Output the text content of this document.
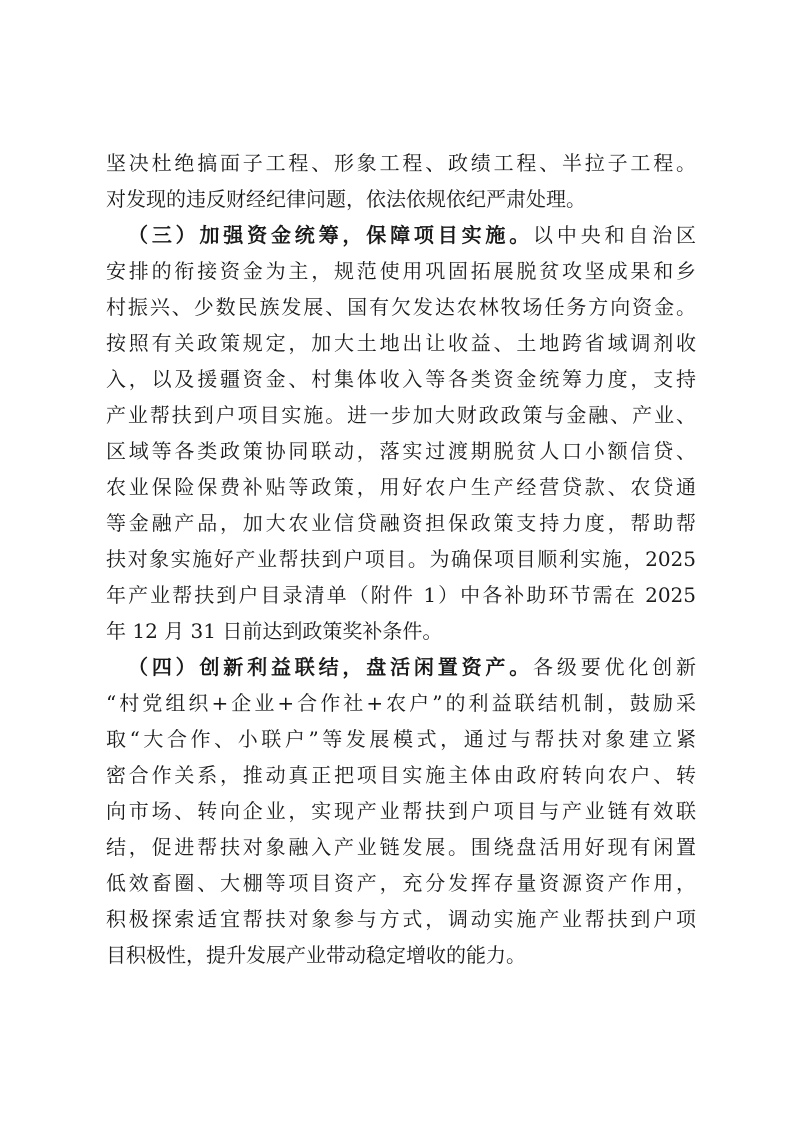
坚决杜绝搞面子工程、形象工程、政绩工程、半拉子工程。
对发现的违反财经纪律问题，依法依规依纪严肃处理。
（三）加强资金统筹，保障项目实施。以中央和自治区
安排的衔接资金为主，规范使用巩固拓展脱贫攻坚成果和乡
村振兴、少数民族发展、国有欠发达农林牧场任务方向资金。
按照有关政策规定，加大土地出让收益、土地跨省域调剂收
入，以及援疆资金、村集体收入等各类资金统筹力度，支持
产业帮扶到户项目实施。进一步加大财政政策与金融、产业、
区域等各类政策协同联动，落实过渡期脱贫人口小额信贷、
农业保险保费补贴等政策，用好农户生产经营贷款、农贷通
等金融产品，加大农业信贷融资担保政策支持力度，帮助帮
扶对象实施好产业帮扶到户项目。为确保项目顺利实施，2025
年产业帮扶到户目录清单（附件 1）中各补助环节需在 2025
年 12 月 31 日前达到政策奖补条件。
（四）创新利益联结，盘活闲置资产。各级要优化创新
“村党组织+企业+合作社+农户”的利益联结机制，鼓励采
取“大合作、小联户”等发展模式，通过与帮扶对象建立紧
密合作关系，推动真正把项目实施主体由政府转向农户、转
向市场、转向企业，实现产业帮扶到户项目与产业链有效联
结，促进帮扶对象融入产业链发展。围绕盘活用好现有闲置
低效畜圈、大棚等项目资产，充分发挥存量资源资产作用，
积极探索适宜帮扶对象参与方式，调动实施产业帮扶到户项
目积极性，提升发展产业带动稳定增收的能力。
